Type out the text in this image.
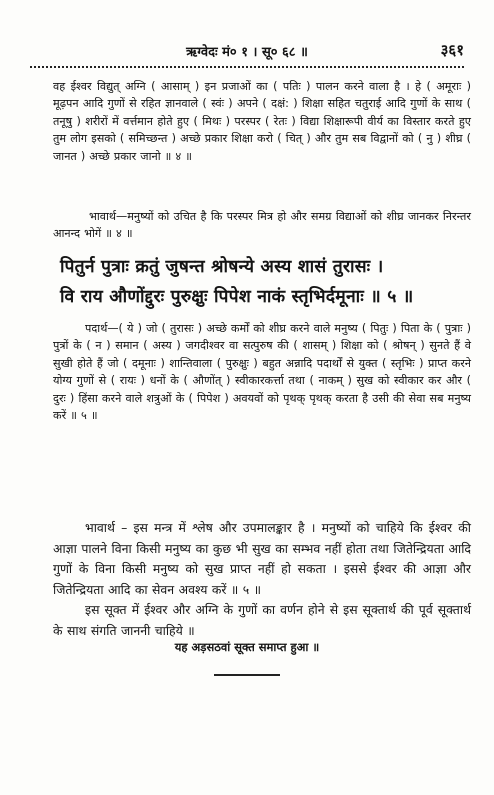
ऋग्वेदः मं० १ । सू० ६८ ॥	३६१
वह ईश्वर विद्युत् अग्नि ( आसाम् ) इन प्रजाओं का ( पतिः ) पालन करने वाला है । हे ( अमूराः ) मूढ़पन आदि गुणों से रहित ज्ञानवाले ( स्वंः ) अपने ( दक्षं: ) शिक्षा सहित चतुराई आदि गुणों के साथ ( तनूषु ) शरीरों में वर्त्तमान होते हुए ( मिथः ) परस्पर ( रेतः ) विद्या शिक्षारूपी वीर्य का विस्तार करते हुए तुम लोग इसको ( समिच्छन्त ) अच्छे प्रकार शिक्षा करो ( चित् ) और तुम सब विद्वानों को ( नु ) शीघ्र ( जानत ) अच्छे प्रकार जानो ॥ ४ ॥
भावार्थ—मनुष्यों को उचित है कि परस्पर मित्र हो और समग्र विद्याओं को शीघ्र जानकर निरन्तर आनन्द भोगें ॥ ४ ॥
पितुर्न पुत्राः क्रतुं जुषन्त श्रोषन्ये अस्य शासं तुरासः ।
वि राय औणोंद्दुरः पुरुक्षुः पिपेश नाकं स्तृभिर्दमूनाः ॥ ५ ॥
पदार्थ—( ये ) जो ( तुरासः ) अच्छे कर्मों को शीघ्र करने वाले मनुष्य ( पितुः ) पिता के ( पुत्राः ) पुत्रों के ( न ) समान ( अस्य ) जगदीश्वर वा सत्पुरुष की ( शासम् ) शिक्षा को ( श्रोषन् ) सुनते हैं वे सुखी होते हैं जो ( दमूनाः ) शान्तिवाला ( पुरुक्षुः ) बहुत अन्नादि पदार्थों से युक्त ( स्तृभिः ) प्राप्त करने योग्य गुणों से ( रायः ) धनों के ( औणोंत् ) स्वीकारकर्त्ता तथा ( नाकम् ) सुख को स्वीकार कर और ( दुरः ) हिंसा करने वाले शत्रुओं के ( पिपेश ) अवयवों को पृथक् पृथक् करता है उसी की सेवा सब मनुष्य करें ॥ ५ ॥
भावार्थ – इस मन्त्र में श्लेष और उपमालङ्कार है । मनुष्यों को चाहिये कि ईश्वर की आज्ञा पालने विना किसी मनुष्य का कुछ भी सुख का सम्भव नहीं होता तथा जितेन्द्रियता आदि गुणों के विना किसी मनुष्य को सुख प्राप्त नहीं हो सकता । इससे ईश्वर की आज्ञा और जितेन्द्रियता आदि का सेवन अवश्य करें ॥ ५ ॥
इस सूक्त में ईश्वर और अग्नि के गुणों का वर्णन होने से इस सूक्तार्थ की पूर्व सूक्तार्थ के साथ संगति जाननी चाहिये ॥
यह अड़सठवां सूक्त समाप्त हुआ ॥
